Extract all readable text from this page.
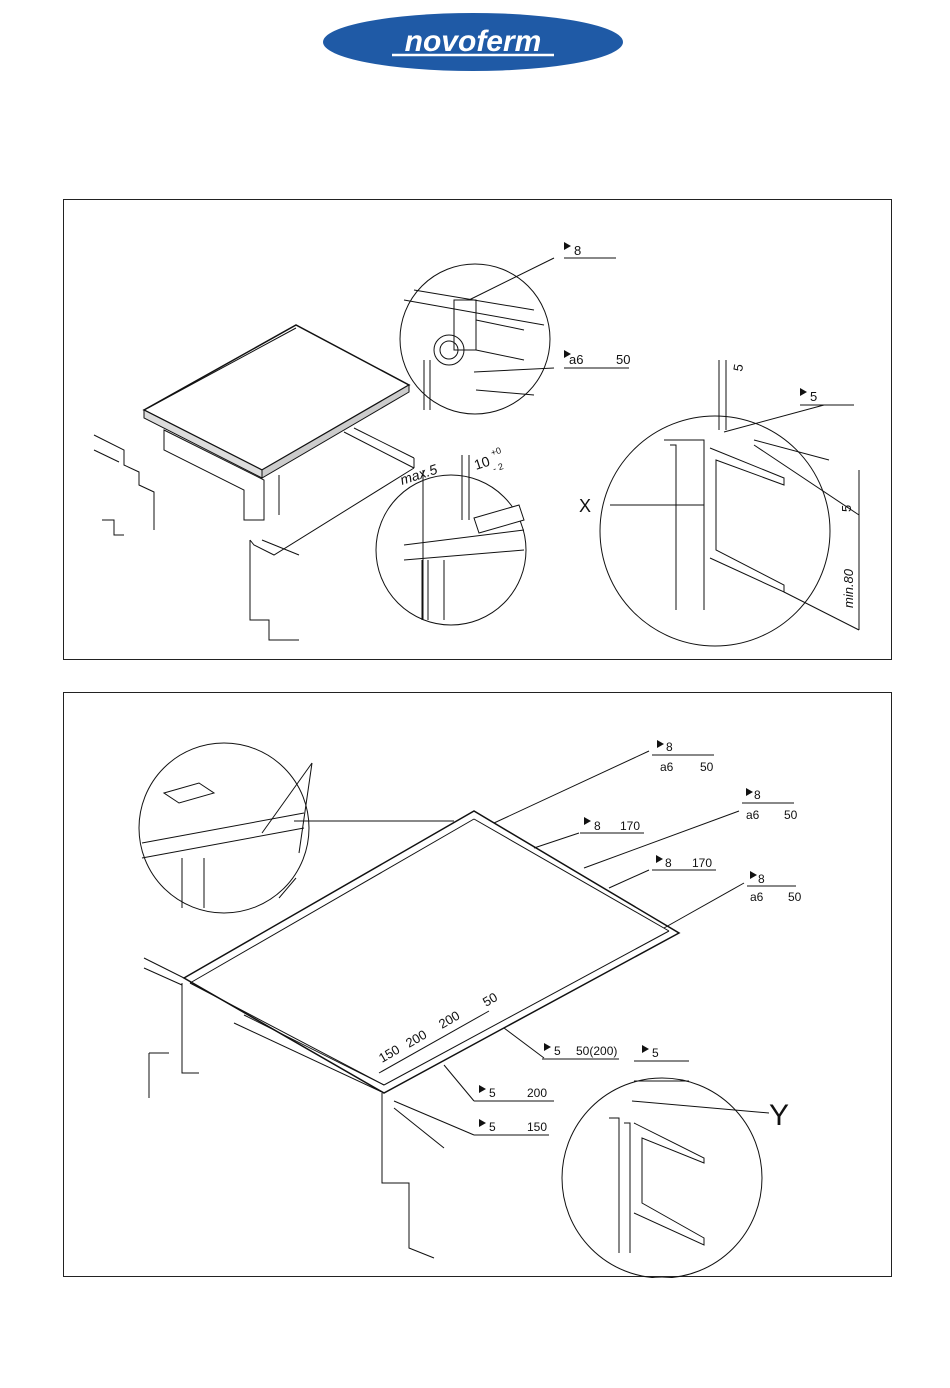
novoferm
8
a6	50
max.5 10
+0
- 2
X
5
5
5
min.80
8
a6 50
8 170
8
a6 50
8 170
8
a6 50
150
200
200
50
5 50(200)
5	200
5	150
5
Y
